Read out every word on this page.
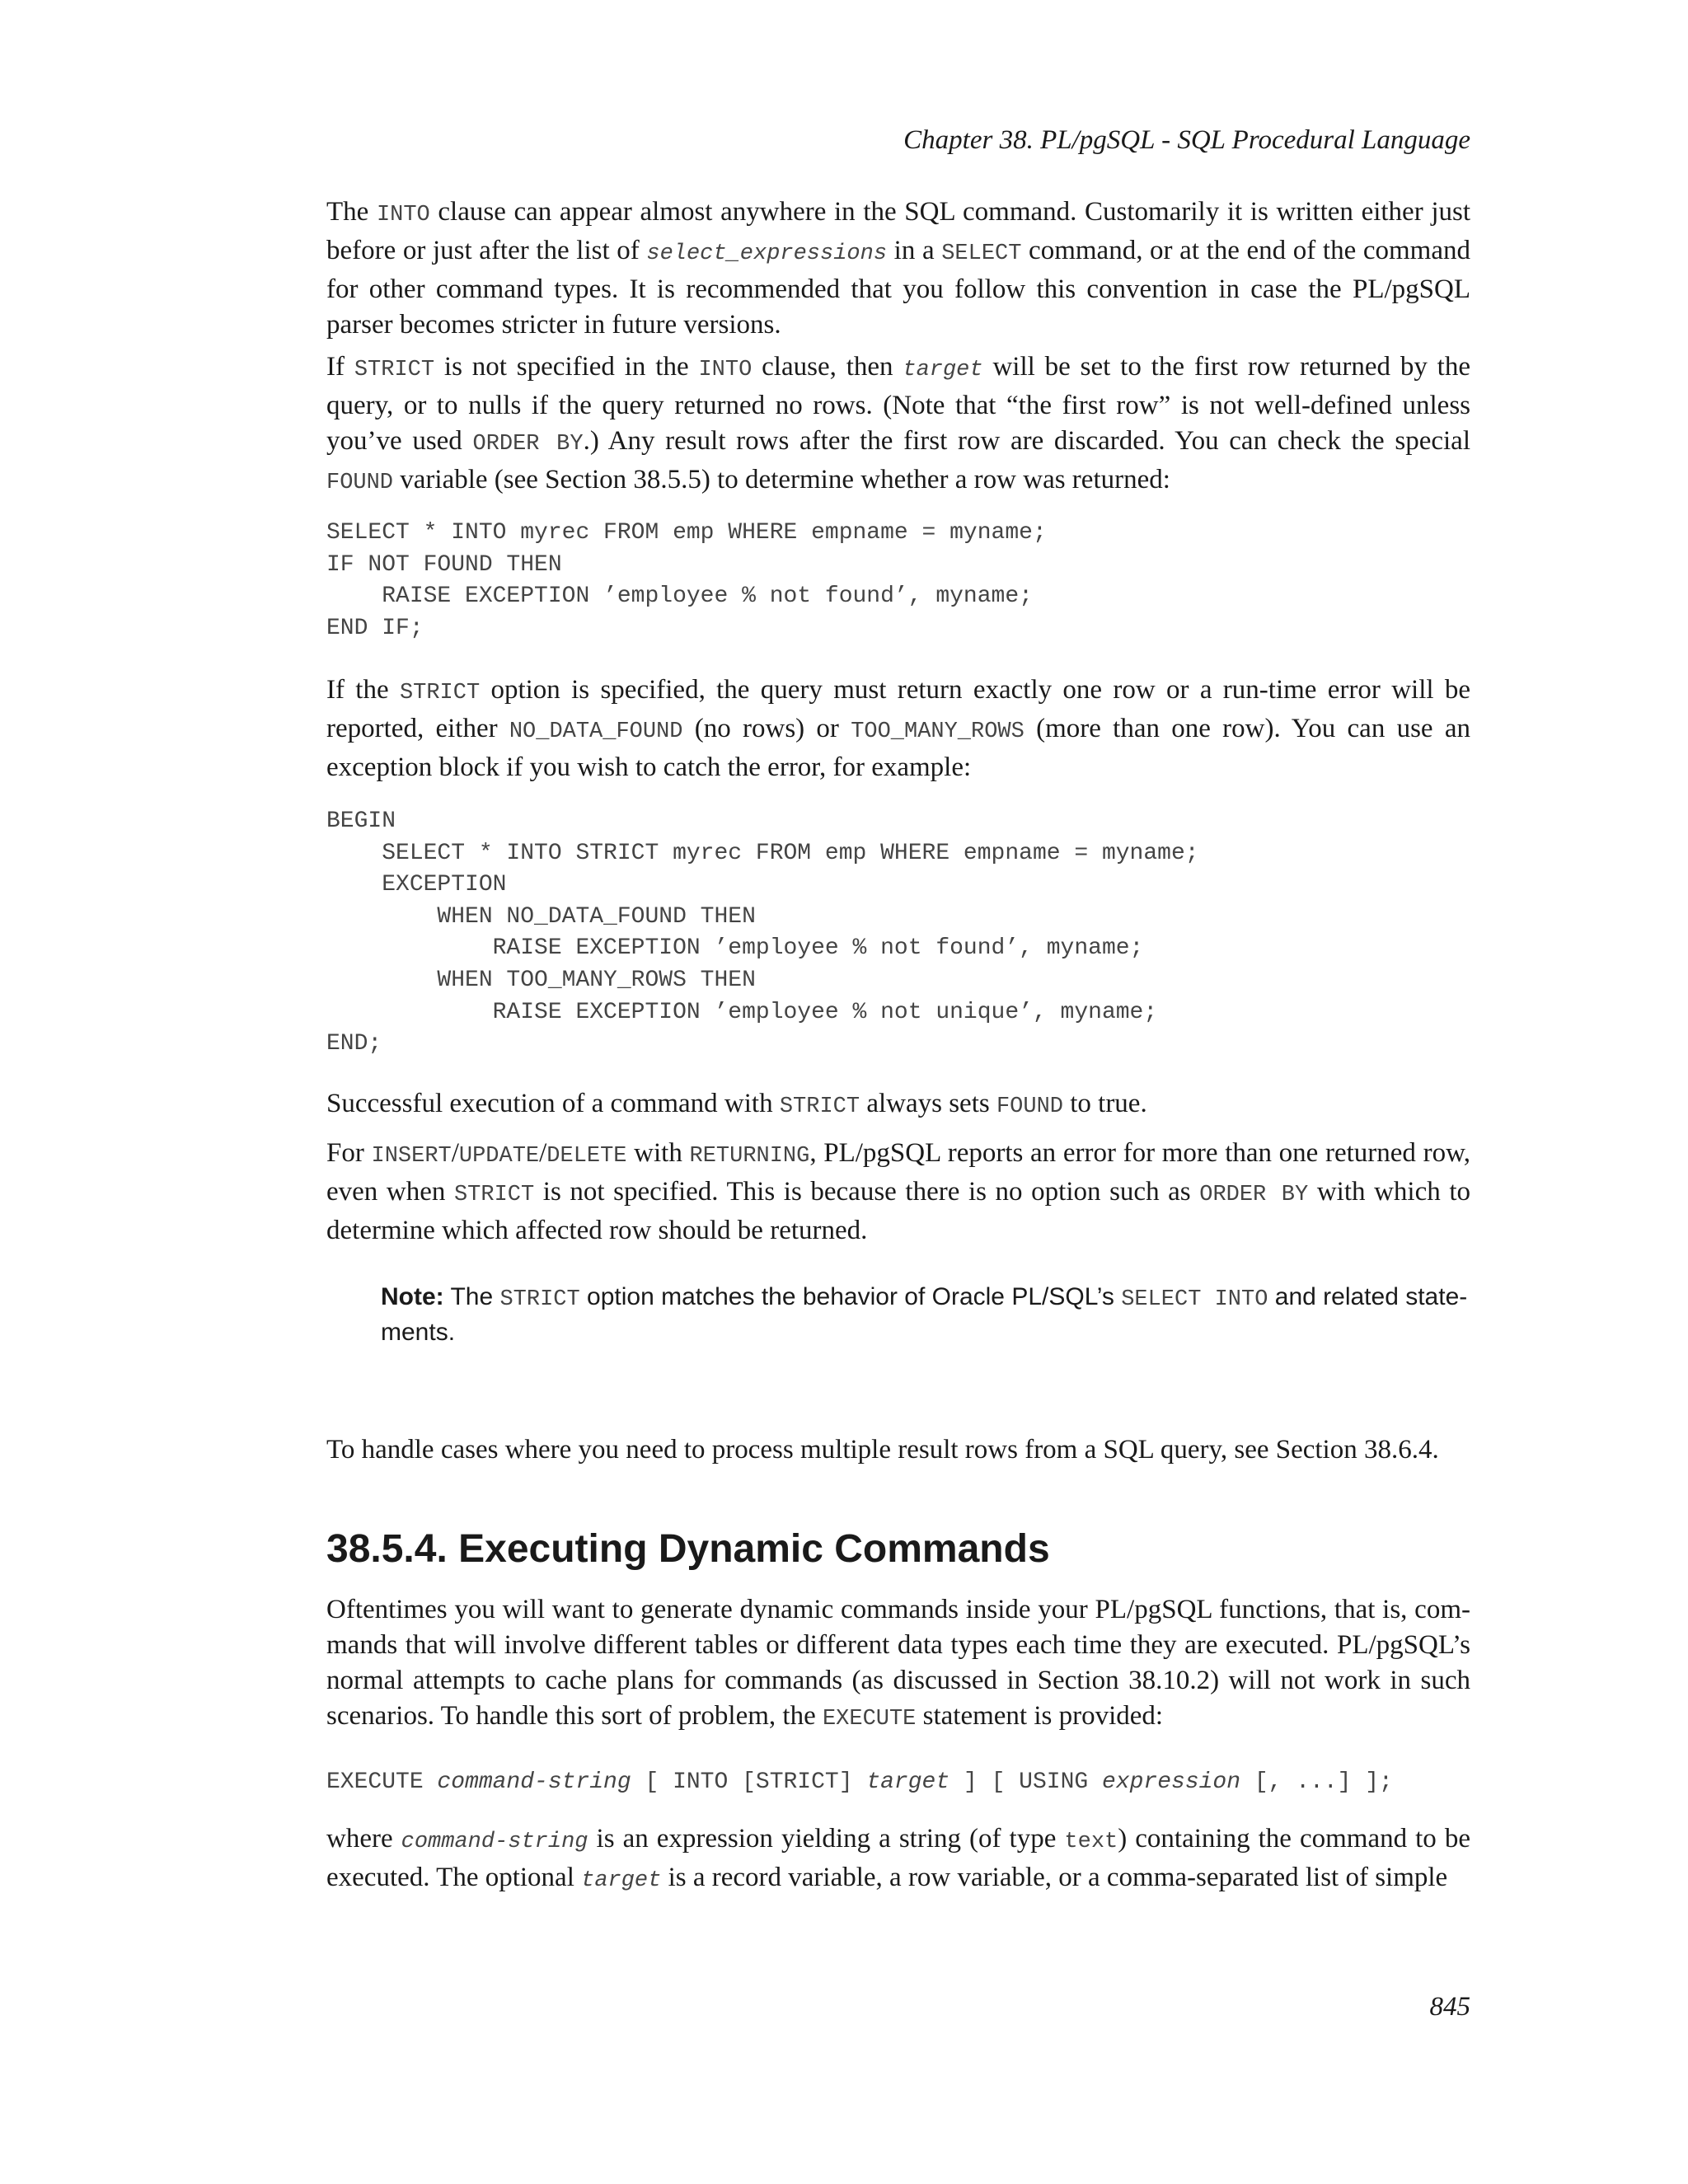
Chapter 38. PL/pgSQL - SQL Procedural Language

The INTO clause can appear almost anywhere in the SQL command. Customarily it is written either just before or just after the list of select_expressions in a SELECT command, or at the end of the command for other command types. It is recommended that you follow this convention in case the PL/pgSQL parser becomes stricter in future versions.

If STRICT is not specified in the INTO clause, then target will be set to the first row returned by the query, or to nulls if the query returned no rows. (Note that “the first row” is not well-defined unless you’ve used ORDER BY.) Any result rows after the first row are discarded. You can check the special FOUND variable (see Section 38.5.5) to determine whether a row was returned:

SELECT * INTO myrec FROM emp WHERE empname = myname;
IF NOT FOUND THEN
RAISE EXCEPTION ’employee % not found’, myname;
END IF;

If the STRICT option is specified, the query must return exactly one row or a run-time error will be reported, either NO_DATA_FOUND (no rows) or TOO_MANY_ROWS (more than one row). You can use an exception block if you wish to catch the error, for example:

BEGIN
SELECT * INTO STRICT myrec FROM emp WHERE empname = myname;
EXCEPTION
WHEN NO_DATA_FOUND THEN
RAISE EXCEPTION ’employee % not found’, myname;
WHEN TOO_MANY_ROWS THEN
RAISE EXCEPTION ’employee % not unique’, myname;
END;

Successful execution of a command with STRICT always sets FOUND to true.

For INSERT/UPDATE/DELETE with RETURNING, PL/pgSQL reports an error for more than one returned row, even when STRICT is not specified. This is because there is no option such as ORDER BY with which to determine which affected row should be returned.

Note: The STRICT option matches the behavior of Oracle PL/SQL’s SELECT INTO and related state- ments.

To handle cases where you need to process multiple result rows from a SQL query, see Section 38.6.4.

38.5.4. Executing Dynamic Commands

Oftentimes you will want to generate dynamic commands inside your PL/pgSQL functions, that is, com- mands that will involve different tables or different data types each time they are executed. PL/pgSQL’s normal attempts to cache plans for commands (as discussed in Section 38.10.2) will not work in such scenarios. To handle this sort of problem, the EXECUTE statement is provided:

EXECUTE command-string [ INTO [STRICT] target ] [ USING expression [, ...] ];

where command-string is an expression yielding a string (of type text) containing the command to be executed. The optional target is a record variable, a row variable, or a comma-separated list of simple

845
